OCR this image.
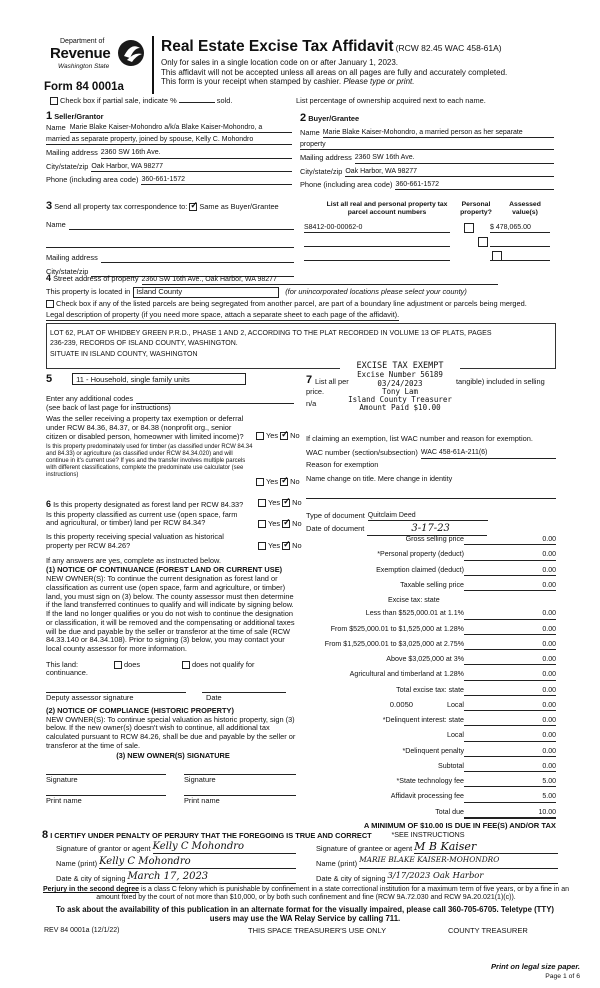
Department of
Revenue
Washington State
Form 84 0001a
Real Estate Excise Tax Affidavit (RCW 82.45 WAC 458-61A)
Only for sales in a single location code on or after January 1, 2023.
This affidavit will not be accepted unless all areas on all pages are fully and accurately completed.
This form is your receipt when stamped by cashier. Please type or print.
Check box if partial sale, indicate %	sold.	List percentage of ownership acquired next to each name.
1 Seller/Grantor
Name Marie Blake Kaiser-Mohondro a/k/a Blake Kaiser-Mohondro, a
married as separate property, joined by spouse, Kelly C. Mohondro
Mailing address 2360 SW 16th Ave.
City/state/zip Oak Harbor, WA 98277
Phone (including area code) 360-661-1572
2 Buyer/Grantee
Name Marie Blake Kaiser-Mohondro, a married person as her separate
property
Mailing address 2360 SW 16th Ave.
City/state/zip Oak Harbor, WA 98277
Phone (including area code) 360-661-1572
3 Send all property tax correspondence to: ✓ Same as Buyer/Grantee
Name
Mailing address
City/state/zip
List all real and personal property tax
parcel account numbers
Personal
property?
Assessed
value(s)
S8412-00-00062-0
	$ 478,065.00

4
Street address of property 2360 SW 16th Ave., Oak Harbor, WA 98277
This property is located in Island County	(for unincorporated locations please select your county)
Check box if any of the listed parcels are being segregated from another parcel, are part of a boundary line adjustment or parcels being merged.
Legal description of property (if you need more space, attach a separate sheet to each page of the affidavit).
LOT 62, PLAT OF WHIDBEY GREEN P.R.D., PHASE 1 AND 2, ACCORDING TO THE PLAT RECORDED IN VOLUME 13 OF PLATS, PAGES
236-239, RECORDS OF ISLAND COUNTY, WASHINGTON.
SITUATE IN ISLAND COUNTY, WASHINGTON
EXCISE TAX EXEMPT
Excise Number 56189
03/24/2023
Tony Lam
Island County Treasurer
Amount Paid $10.00
5	11 - Household, single family units
Enter any additional codes
(see back of last page for instructions)
Was the seller receiving a property tax exemption or deferral under RCW 84.36, 84.37, or 84.38 (nonprofit org., senior citizen or disabled person, homeowner with limited income)?	Yes ✓ No
Is this property predominately used for timber (as classified under RCW 84.34 and 84.33) or agriculture (as classified under RCW 84.34.020) and will continue in it's current use? If yes and the transfer involves multiple parcels with different classifications, complete the predominate use calculator (see instructions)
Yes ✓ No
7 List all per	tangible) included in selling
price.
n/a
If claiming an exemption, list WAC number and reason for exemption.
WAC number (section/subsection) WAC 458-61A-211(6)
Reason for exemption
Name change on title. Mere change in identity
Type of document Quitclaim Deed
Date of document	3-17-23
6 Is this property designated as forest land per RCW 84.33?	Yes ✓ No
Is this property classified as current use (open space, farm and agricultural, or timber) land per RCW 84.34?	Yes ✓ No
Is this property receiving special valuation as historical property per RCW 84.26?	Yes ✓ No
If any answers are yes, complete as instructed below.
(1) NOTICE OF CONTINUANCE (FOREST LAND OR CURRENT USE)
NEW OWNER(S): To continue the current designation as forest land or classification as current use (open space, farm and agriculture, or timber) land, you must sign on (3) below. The county assessor must then determine if the land transferred continues to qualify and will indicate by signing below. If the land no longer qualifies or you do not wish to continue the designation or classification, it will be removed and the compensating or additional taxes will be due and payable by the seller or transferor at the time of sale (RCW 84.33.140 or 84.34.108). Prior to signing (3) below, you may contact your local county assessor for more information.
This land:
continuance.
does	does not qualify for
Deputy assessor signature	Date
(2) NOTICE OF COMPLIANCE (HISTORIC PROPERTY)
NEW OWNER(S): To continue special valuation as historic property, sign (3) below. If the new owner(s) doesn't wish to continue, all additional tax calculated pursuant to RCW 84.26, shall be due and payable by the seller or transferor at the time of sale.
(3) NEW OWNER(S) SIGNATURE
Signature	Signature
Print name	Print name
Gross selling price	0.00
*Personal property (deduct)	0.00
Exemption claimed (deduct)	0.00
Taxable selling price	0.00
Excise tax: state
Less than $525,000.01 at 1.1%	0.00
From $525,000.01 to $1,525,000 at 1.28%	0.00
From $1,525,000.01 to $3,025,000 at 2.75%	0.00
Above $3,025,000 at 3%	0.00
Agricultural and timberland at 1.28%	0.00
Total excise tax: state	0.00
0.0050	Local	0.00
*Delinquent interest: state	0.00
Local	0.00
*Delinquent penalty	0.00
Subtotal	0.00
*State technology fee	5.00
Affidavit processing fee	5.00
Total due	10.00
A MINIMUM OF $10.00 IS DUE IN FEE(S) AND/OR TAX
*SEE INSTRUCTIONS
8 I CERTIFY UNDER PENALTY OF PERJURY THAT THE FOREGOING IS TRUE AND CORRECT
Signature of grantor or agent Kelly C Mohondro
Name (print) Kelly C Mohondro
Date & city of signing March 17, 2023
Signature of grantee or agent M B Kaiser
Name (print) MARIE BLAKE KAISER-MOHONDRO
Date & city of signing 3/17/2023 Oak Harbor
Perjury in the second degree is a class C felony which is punishable by confinement in a state correctional institution for a maximum term of five years, or by a fine in an amount fixed by the court of not more than $10,000, or by both such confinement and fine (RCW 9A.72.030 and RCW 9A.20.021(1)(c)).
To ask about the availability of this publication in an alternate format for the visually impaired, please call 360-705-6705. Teletype (TTY) users may use the WA Relay Service by calling 711.
REV 84 0001a (12/1/22)	THIS SPACE TREASURER'S USE ONLY	COUNTY TREASURER
Print on legal size paper.
Page 1 of 6
